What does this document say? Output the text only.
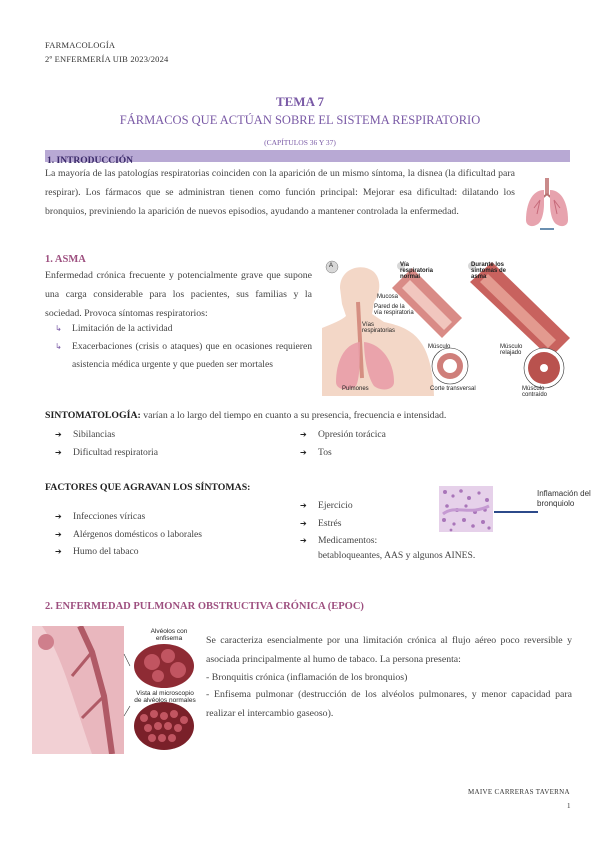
FARMACOLOGÍA
2º ENFERMERÍA UIB 2023/2024
TEMA 7
FÁRMACOS QUE ACTÚAN SOBRE EL SISTEMA RESPIRATORIO
(CAPÍTULOS 36 Y 37)
1. INTRODUCCIÓN
La mayoría de las patologías respiratorias coinciden con la aparición de un mismo síntoma, la disnea (la dificultad para respirar). Los fármacos que se administran tienen como función principal: Mejorar esa dificultad: dilatando los bronquios, previniendo la aparición de nuevos episodios, ayudando a mantener controlada la enfermedad.
1. ASMA
Enfermedad crónica frecuente y potencialmente grave que supone una carga considerable para los pacientes, sus familias y la sociedad. Provoca síntomas respiratorios:
↳ Limitación de la actividad
↳ Exacerbaciones (crisis o ataques) que en ocasiones requieren asistencia médica urgente y que pueden ser mortales
A	Vía respiratoria normal
Durante los síntomas de asma
Mucosa
Pared de la vía respiratoria
Vías respiratorias
Pulmones
Músculo
Corte transversal
Músculo relajado
Músculo contraído
SINTOMATOLOGÍA: varían a lo largo del tiempo en cuanto a su presencia, frecuencia e intensidad.
➔ Sibilancias
➔ Dificultad respiratoria
➔ Opresión torácica
➔ Tos
FACTORES QUE AGRAVAN LOS SÍNTOMAS:
➔ Infecciones víricas
➔ Alérgenos domésticos o laborales
➔ Humo del tabaco
➔ Ejercicio
➔ Estrés
➔ Medicamentos:
betabloqueantes, AAS y algunos AINES.
Inflamación del bronquiolo
2. ENFERMEDAD PULMONAR OBSTRUCTIVA CRÓNICA (EPOC)
Alvéolos con enfisema
Vista al microscopio de alvéolos normales
Se caracteriza esencialmente por una limitación crónica al flujo aéreo poco reversible y asociada principalmente al humo de tabaco. La persona presenta:
- Bronquitis crónica (inflamación de los bronquios)
- Enfisema pulmonar (destrucción de los alvéolos pulmonares, y menor capacidad para realizar el intercambio gaseoso).
MAIVE CARRERAS TAVERNA
1
